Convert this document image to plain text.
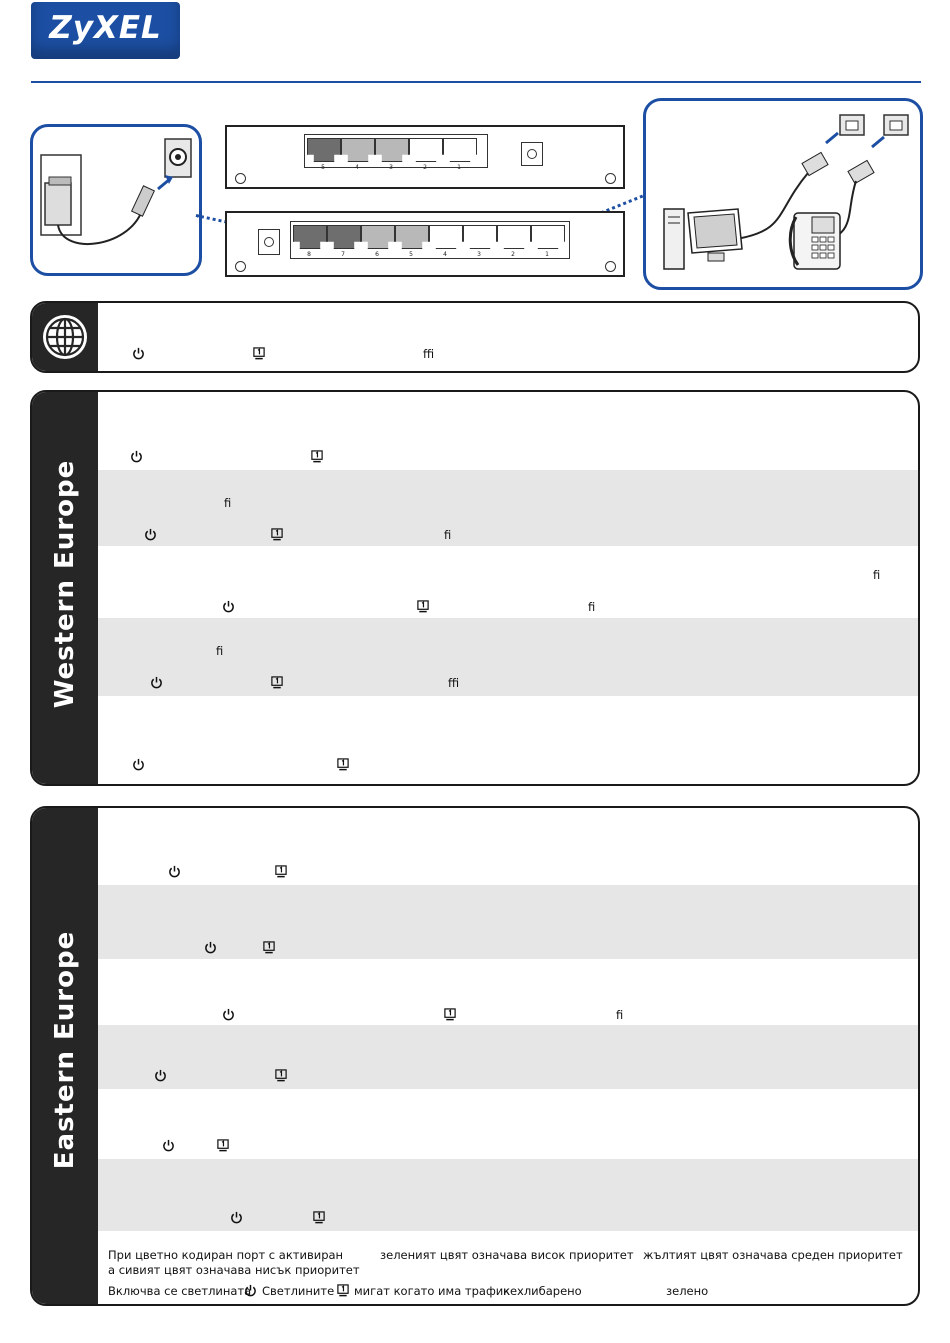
ZyXEL
5	4	3	2	1
8	7	6	5	4	3	2	1
ﬃ
Western Europe	ﬁ
ﬁ
ﬁ
ﬁ
ﬁ
ﬃ
Eastern Europe	ﬁ
При цветно кодиран порт с активиран	зеленият цвят означава висок приоритет жълтият цвят означава среден приоритет
а сивият цвят означава нисък приоритет
Включва се светлината Светлините мигат когато има трафик
кехлибарено	зелено
